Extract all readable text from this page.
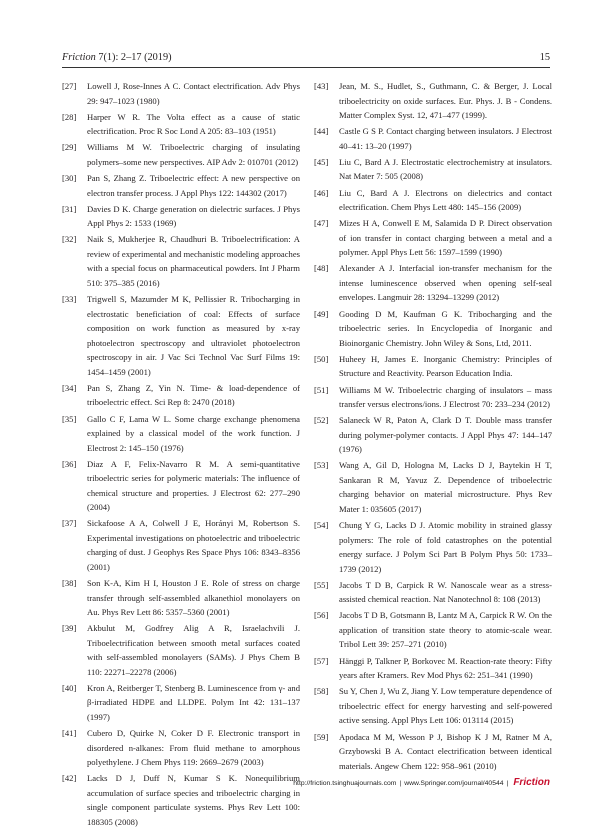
Friction 7(1): 2–17 (2019)	15
[27] Lowell J, Rose-Innes A C. Contact electrification. Adv Phys 29: 947–1023 (1980)
[28] Harper W R. The Volta effect as a cause of static electrification. Proc R Soc Lond A 205: 83–103 (1951)
[29] Williams M W. Triboelectric charging of insulating polymers–some new perspectives. AIP Adv 2: 010701 (2012)
[30] Pan S, Zhang Z. Triboelectric effect: A new perspective on electron transfer process. J Appl Phys 122: 144302 (2017)
[31] Davies D K. Charge generation on dielectric surfaces. J Phys Appl Phys 2: 1533 (1969)
[32] Naik S, Mukherjee R, Chaudhuri B. Triboelectrification: A review of experimental and mechanistic modeling approaches with a special focus on pharmaceutical powders. Int J Pharm 510: 375–385 (2016)
[33] Trigwell S, Mazumder M K, Pellissier R. Tribocharging in electrostatic beneficiation of coal: Effects of surface composition on work function as measured by x-ray photoelectron spectroscopy and ultraviolet photoelectron spectroscopy in air. J Vac Sci Technol Vac Surf Films 19: 1454–1459 (2001)
[34] Pan S, Zhang Z, Yin N. Time- & load-dependence of triboelectric effect. Sci Rep 8: 2470 (2018)
[35] Gallo C F, Lama W L. Some charge exchange phenomena explained by a classical model of the work function. J Electrost 2: 145–150 (1976)
[36] Diaz A F, Felix-Navarro R M. A semi-quantitative triboelectric series for polymeric materials: The influence of chemical structure and properties. J Electrost 62: 277–290 (2004)
[37] Sickafoose A A, Colwell J E, Horányi M, Robertson S. Experimental investigations on photoelectric and triboelectric charging of dust. J Geophys Res Space Phys 106: 8343–8356 (2001)
[38] Son K-A, Kim H I, Houston J E. Role of stress on charge transfer through self-assembled alkanethiol monolayers on Au. Phys Rev Lett 86: 5357–5360 (2001)
[39] Akbulut M, Godfrey Alig A R, Israelachvili J. Triboelectrification between smooth metal surfaces coated with self-assembled monolayers (SAMs). J Phys Chem B 110: 22271–22278 (2006)
[40] Kron A, Reitberger T, Stenberg B. Luminescence from γ- and β-irradiated HDPE and LLDPE. Polym Int 42: 131–137 (1997)
[41] Cubero D, Quirke N, Coker D F. Electronic transport in disordered n-alkanes: From fluid methane to amorphous polyethylene. J Chem Phys 119: 2669–2679 (2003)
[42] Lacks D J, Duff N, Kumar S K. Nonequilibrium accumulation of surface species and triboelectric charging in single component particulate systems. Phys Rev Lett 100: 188305 (2008)
[43] Jean, M. S., Hudlet, S., Guthmann, C. & Berger, J. Local triboelectricity on oxide surfaces. Eur. Phys. J. B - Condens. Matter Complex Syst. 12, 471–477 (1999).
[44] Castle G S P. Contact charging between insulators. J Electrost 40–41: 13–20 (1997)
[45] Liu C, Bard A J. Electrostatic electrochemistry at insulators. Nat Mater 7: 505 (2008)
[46] Liu C, Bard A J. Electrons on dielectrics and contact electrification. Chem Phys Lett 480: 145–156 (2009)
[47] Mizes H A, Conwell E M, Salamida D P. Direct observation of ion transfer in contact charging between a metal and a polymer. Appl Phys Lett 56: 1597–1599 (1990)
[48] Alexander A J. Interfacial ion-transfer mechanism for the intense luminescence observed when opening self-seal envelopes. Langmuir 28: 13294–13299 (2012)
[49] Gooding D M, Kaufman G K. Tribocharging and the triboelectric series. In Encyclopedia of Inorganic and Bioinorganic Chemistry. John Wiley & Sons, Ltd, 2011.
[50] Huheey H, James E. Inorganic Chemistry: Principles of Structure and Reactivity. Pearson Education India.
[51] Williams M W. Triboelectric charging of insulators – mass transfer versus electrons/ions. J Electrost 70: 233–234 (2012)
[52] Salaneck W R, Paton A, Clark D T. Double mass transfer during polymer-polymer contacts. J Appl Phys 47: 144–147 (1976)
[53] Wang A, Gil D, Hologna M, Lacks D J, Baytekin H T, Sankaran R M, Yavuz Z. Dependence of triboelectric charging behavior on material microstructure. Phys Rev Mater 1: 035605 (2017)
[54] Chung Y G, Lacks D J. Atomic mobility in strained glassy polymers: The role of fold catastrophes on the potential energy surface. J Polym Sci Part B Polym Phys 50: 1733–1739 (2012)
[55] Jacobs T D B, Carpick R W. Nanoscale wear as a stress-assisted chemical reaction. Nat Nanotechnol 8: 108 (2013)
[56] Jacobs T D B, Gotsmann B, Lantz M A, Carpick R W. On the application of transition state theory to atomic-scale wear. Tribol Lett 39: 257–271 (2010)
[57] Hänggi P, Talkner P, Borkovec M. Reaction-rate theory: Fifty years after Kramers. Rev Mod Phys 62: 251–341 (1990)
[58] Su Y, Chen J, Wu Z, Jiang Y. Low temperature dependence of triboelectric effect for energy harvesting and self-powered active sensing. Appl Phys Lett 106: 013114 (2015)
[59] Apodaca M M, Wesson P J, Bishop K J M, Ratner M A, Grzybowski B A. Contact electrification between identical materials. Angew Chem 122: 958–961 (2010)
http://friction.tsinghuajournals.com | www.Springer.com/journal/40544 | Friction
